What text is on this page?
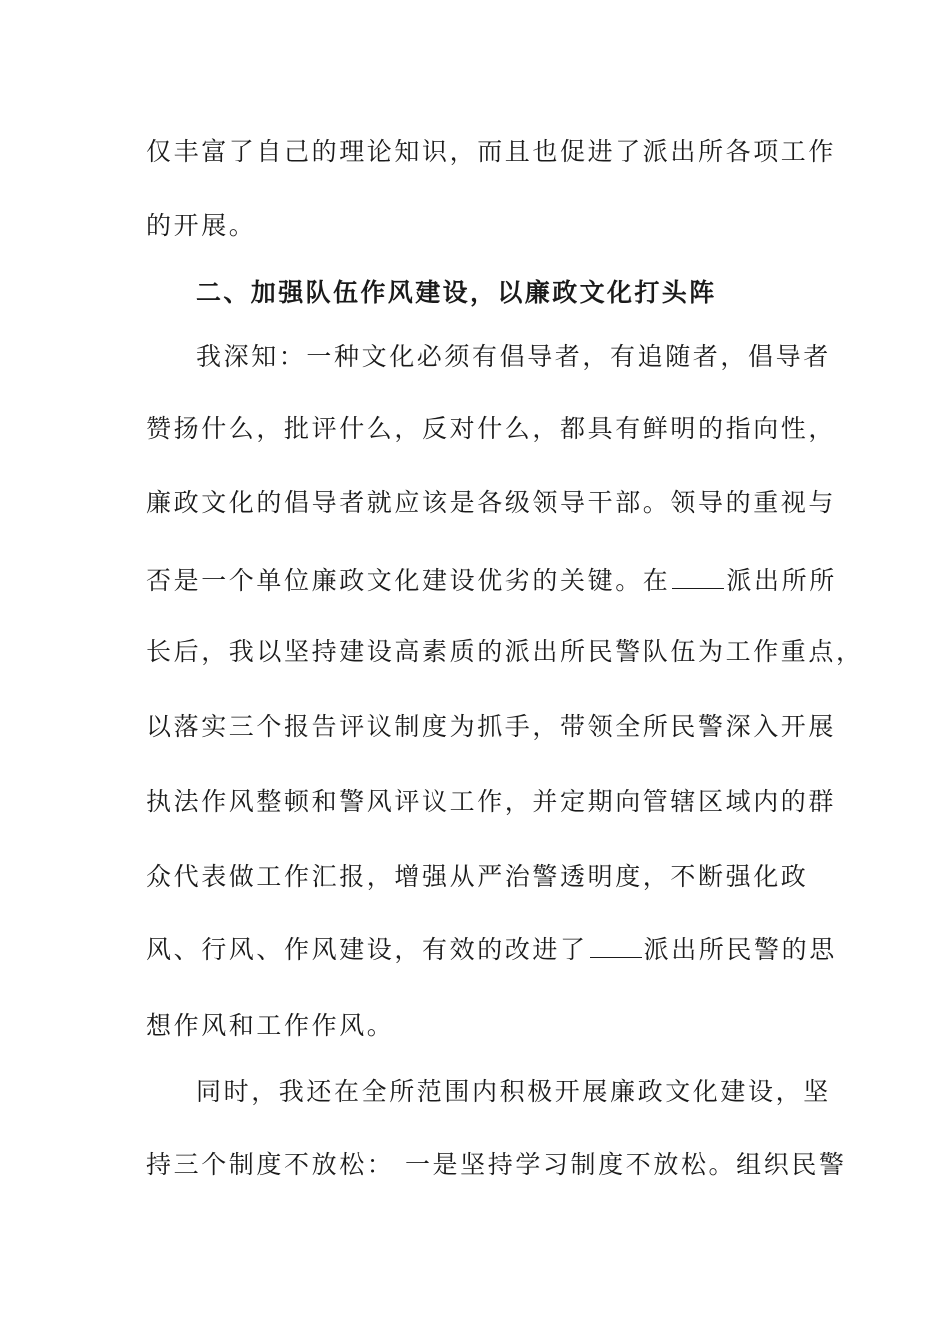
仅丰富了自己的理论知识，而且也促进了派出所各项工作
的开展。
二、加强队伍作风建设，以廉政文化打头阵
我深知：一种文化必须有倡导者，有追随者，倡导者
赞扬什么，批评什么，反对什么，都具有鲜明的指向性，
廉政文化的倡导者就应该是各级领导干部。领导的重视与
否是一个单位廉政文化建设优劣的关键。在 派出所所
长后，我以坚持建设高素质的派出所民警队伍为工作重点，
以落实三个报告评议制度为抓手，带领全所民警深入开展
执法作风整顿和警风评议工作，并定期向管辖区域内的群
众代表做工作汇报，增强从严治警透明度，不断强化政
风、行风、作风建设，有效的改进了 派出所民警的思
想作风和工作作风。
同时，我还在全所范围内积极开展廉政文化建设，坚
持三个制度不放松： 一是坚持学习制度不放松。组织民警
